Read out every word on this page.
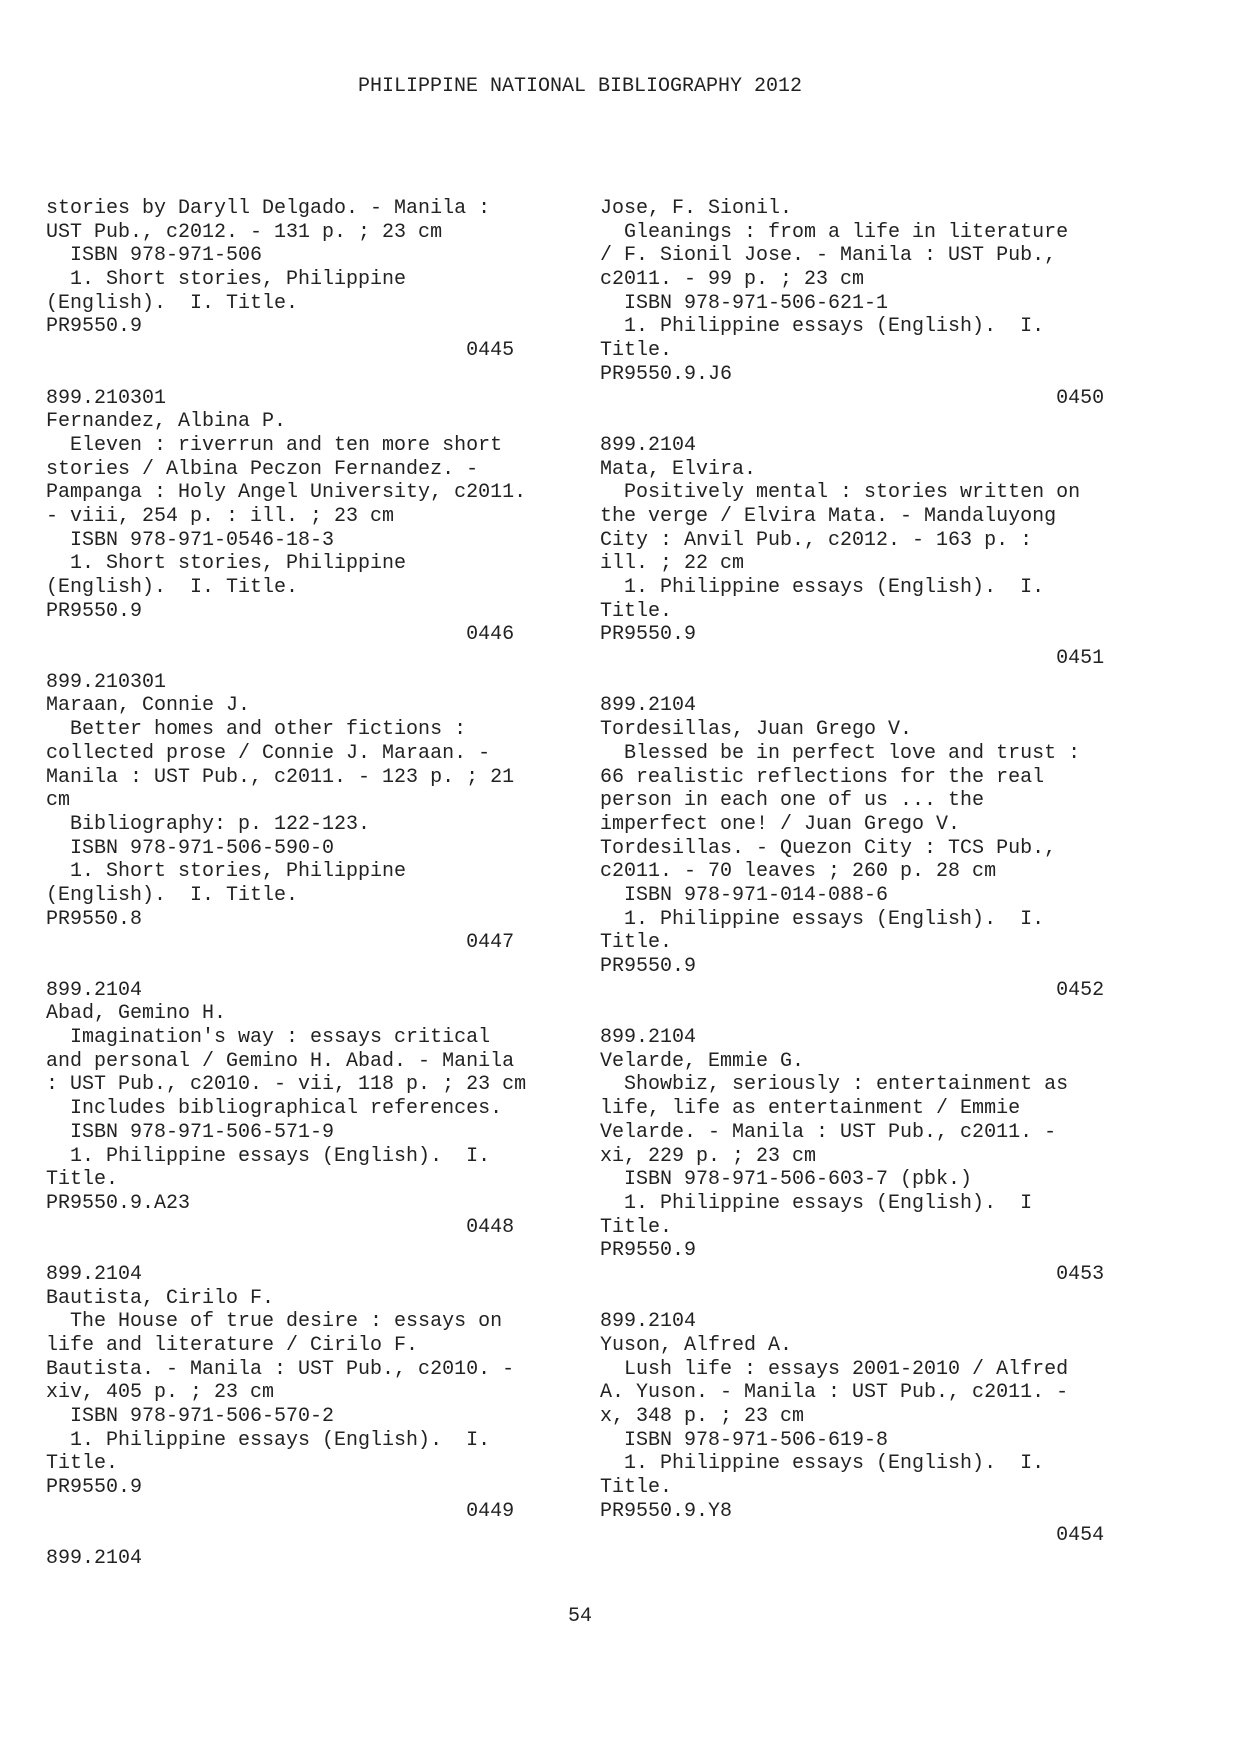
PHILIPPINE NATIONAL BIBLIOGRAPHY 2012
stories by Daryll Delgado. - Manila :
UST Pub., c2012. - 131 p. ; 23 cm
ISBN 978-971-506
1. Short stories, Philippine
(English).  I. Title.
PR9550.9
0445
899.210301
Fernandez, Albina P.
Eleven : riverrun and ten more short
stories / Albina Peczon Fernandez. -
Pampanga : Holy Angel University, c2011.
- viii, 254 p. : ill. ; 23 cm
ISBN 978-971-0546-18-3
1. Short stories, Philippine
(English).  I. Title.
PR9550.9
0446
899.210301
Maraan, Connie J.
Better homes and other fictions :
collected prose / Connie J. Maraan. -
Manila : UST Pub., c2011. - 123 p. ; 21
cm
Bibliography: p. 122-123.
ISBN 978-971-506-590-0
1. Short stories, Philippine
(English).  I. Title.
PR9550.8
0447
899.2104
Abad, Gemino H.
Imagination's way : essays critical
and personal / Gemino H. Abad. - Manila
: UST Pub., c2010. - vii, 118 p. ; 23 cm
Includes bibliographical references.
ISBN 978-971-506-571-9
1. Philippine essays (English).  I.
Title.
PR9550.9.A23
0448
899.2104
Bautista, Cirilo F.
The House of true desire : essays on
life and literature / Cirilo F.
Bautista. - Manila : UST Pub., c2010. -
xiv, 405 p. ; 23 cm
ISBN 978-971-506-570-2
1. Philippine essays (English).  I.
Title.
PR9550.9
0449
899.2104
Jose, F. Sionil.
Gleanings : from a life in literature
/ F. Sionil Jose. - Manila : UST Pub.,
c2011. - 99 p. ; 23 cm
ISBN 978-971-506-621-1
1. Philippine essays (English).  I.
Title.
PR9550.9.J6
0450
899.2104
Mata, Elvira.
Positively mental : stories written on
the verge / Elvira Mata. - Mandaluyong
City : Anvil Pub., c2012. - 163 p. :
ill. ; 22 cm
1. Philippine essays (English).  I.
Title.
PR9550.9
0451
899.2104
Tordesillas, Juan Grego V.
Blessed be in perfect love and trust :
66 realistic reflections for the real
person in each one of us ... the
imperfect one! / Juan Grego V.
Tordesillas. - Quezon City : TCS Pub.,
c2011. - 70 leaves ; 260 p. 28 cm
ISBN 978-971-014-088-6
1. Philippine essays (English).  I.
Title.
PR9550.9
0452
899.2104
Velarde, Emmie G.
Showbiz, seriously : entertainment as
life, life as entertainment / Emmie
Velarde. - Manila : UST Pub., c2011. -
xi, 229 p. ; 23 cm
ISBN 978-971-506-603-7 (pbk.)
1. Philippine essays (English).  I
Title.
PR9550.9
0453
899.2104
Yuson, Alfred A.
Lush life : essays 2001-2010 / Alfred
A. Yuson. - Manila : UST Pub., c2011. -
x, 348 p. ; 23 cm
ISBN 978-971-506-619-8
1. Philippine essays (English).  I.
Title.
PR9550.9.Y8
0454
54
